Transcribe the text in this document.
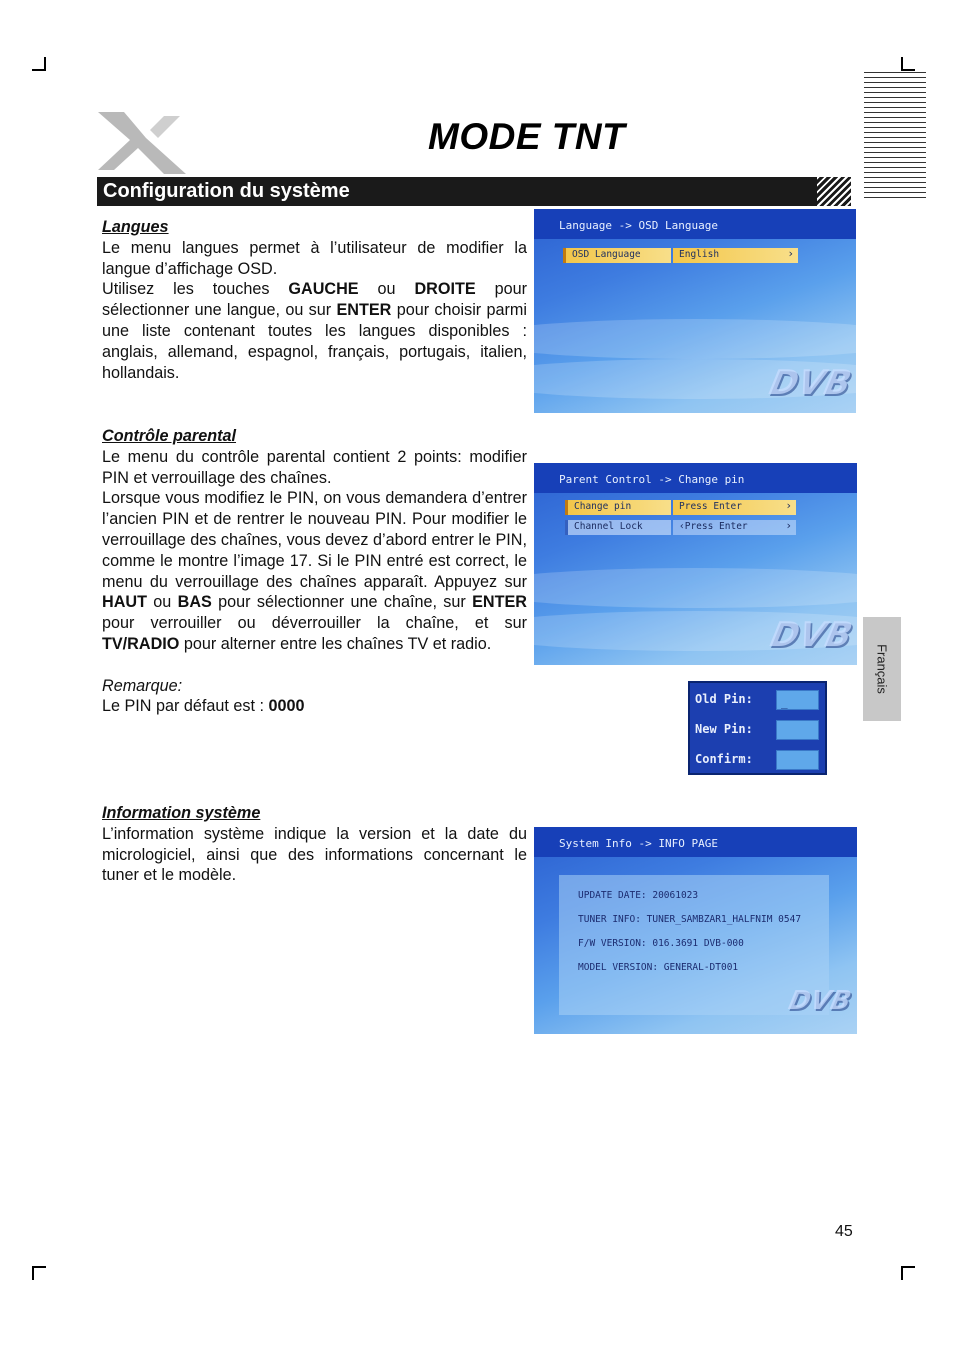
MODE TNT
Configuration du système

Langues

Le menu langues permet à l’utilisateur de modifier la langue d’affichage OSD.

Utilisez les touches GAUCHE ou DROITE pour sélectionner une langue, ou sur ENTER pour choisir parmi une liste contenant toutes les langues disponibles : anglais, allemand, espagnol, français, portugais, italien, hollandais.

Contrôle parental

Le menu du contrôle parental contient 2 points: modifier PIN et verrouillage des chaînes.

Lorsque vous modifiez le PIN, on vous demandera d’entrer l’ancien PIN et de rentrer le nouveau PIN. Pour modifier le verrouillage des chaînes, vous devez d’abord entrer le PIN, comme le montre l’image 17. Si le PIN entré est correct, le menu du verrouillage des chaînes apparaît. Appuyez sur HAUT ou BAS pour sélectionner une chaîne, sur ENTER pour verrouiller ou déverrouiller la chaîne, et sur TV/RADIO pour alterner entre les chaînes TV et radio.

Remarque:

Le PIN par défaut est : 0000

Information système

L’information système indique la version et la date du micrologiciel, ainsi que des informations concernant le tuner et le modèle.

Language -> OSD Language
OSD Language	English ›
DVB
Parent Control -> Change pin
Change pin	Press Enter ›
Channel Lock	‹Press Enter ›
DVB
Old Pin:	_
New Pin:
Confirm:
System Info -> INFO PAGE
UPDATE DATE: 20061023
TUNER INFO: TUNER_SAMBZAR1_HALFNIM 0547
F/W VERSION: 016.3691 DVB-000
MODEL VERSION: GENERAL-DT001
DVB
Français
45
